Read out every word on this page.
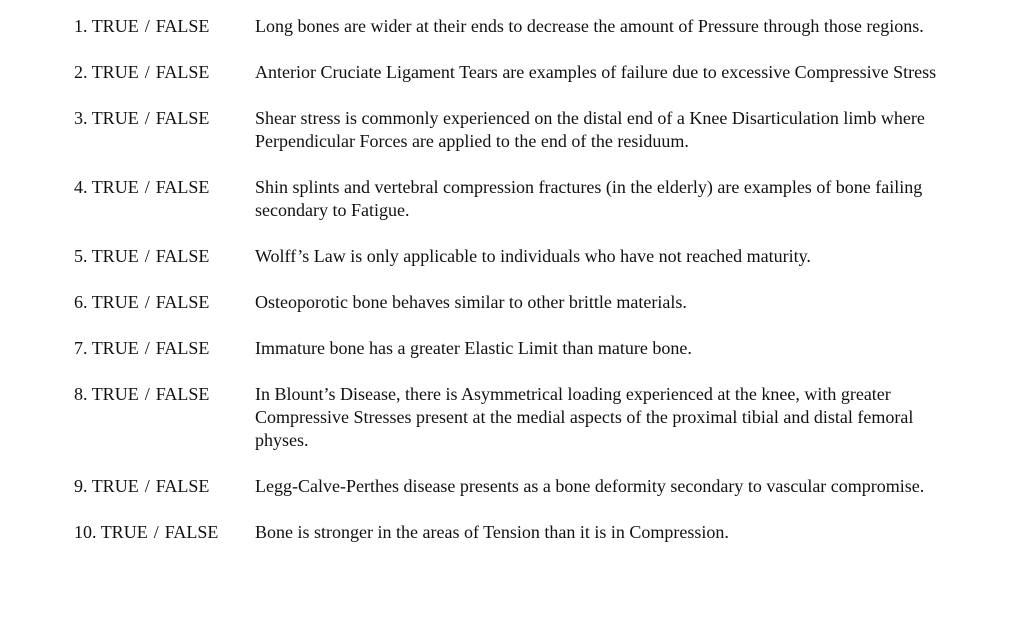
1. TRUE / FALSE	Long bones are wider at their ends to decrease the amount of Pressure through those regions.
2. TRUE / FALSE	Anterior Cruciate Ligament Tears are examples of failure due to excessive Compressive Stress
3. TRUE / FALSE	Shear stress is commonly experienced on the distal end of a Knee Disarticulation limb where Perpendicular Forces are applied to the end of the residuum.
4. TRUE / FALSE	Shin splints and vertebral compression fractures (in the elderly) are examples of bone failing secondary to Fatigue.
5. TRUE / FALSE	Wolff’s Law is only applicable to individuals who have not reached maturity.
6. TRUE / FALSE	Osteoporotic bone behaves similar to other brittle materials.
7. TRUE / FALSE	Immature bone has a greater Elastic Limit than mature bone.
8. TRUE / FALSE	In Blount’s Disease, there is Asymmetrical loading experienced at the knee, with greater Compressive Stresses present at the medial aspects of the proximal tibial and distal femoral physes.
9. TRUE / FALSE	Legg-Calve-Perthes disease presents as a bone deformity secondary to vascular compromise.
10. TRUE / FALSE Bone is stronger in the areas of Tension than it is in Compression.
